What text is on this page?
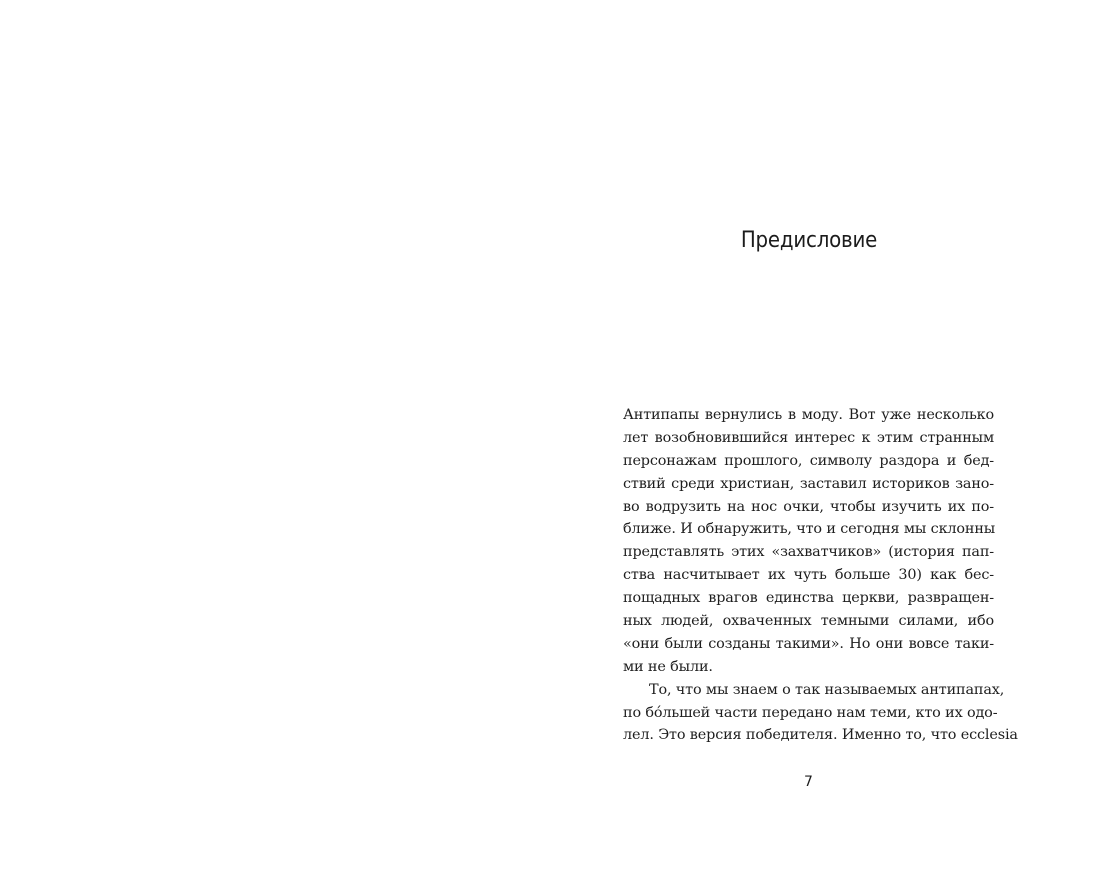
Предисловие
Антипапы вернулись в моду. Вот уже несколько
лет возобновившийся интерес к этим странным
персонажам прошлого, символу раздора и бед-
ствий среди христиан, заставил историков зано-
во водрузить на нос очки, чтобы изучить их по-
ближе. И обнаружить, что и сегодня мы склонны
представлять этих «захватчиков» (история пап-
ства насчитывает их чуть больше 30) как бес-
пощадных врагов единства церкви, развращен-
ных людей, охваченных темными силами, ибо
«они были созданы такими». Но они вовсе таки-
ми не были.
То, что мы знаем о так называемых антипапах,
по бóльшей части передано нам теми, кто их одо-
лел. Это версия победителя. Именно то, что ecclesia
7
